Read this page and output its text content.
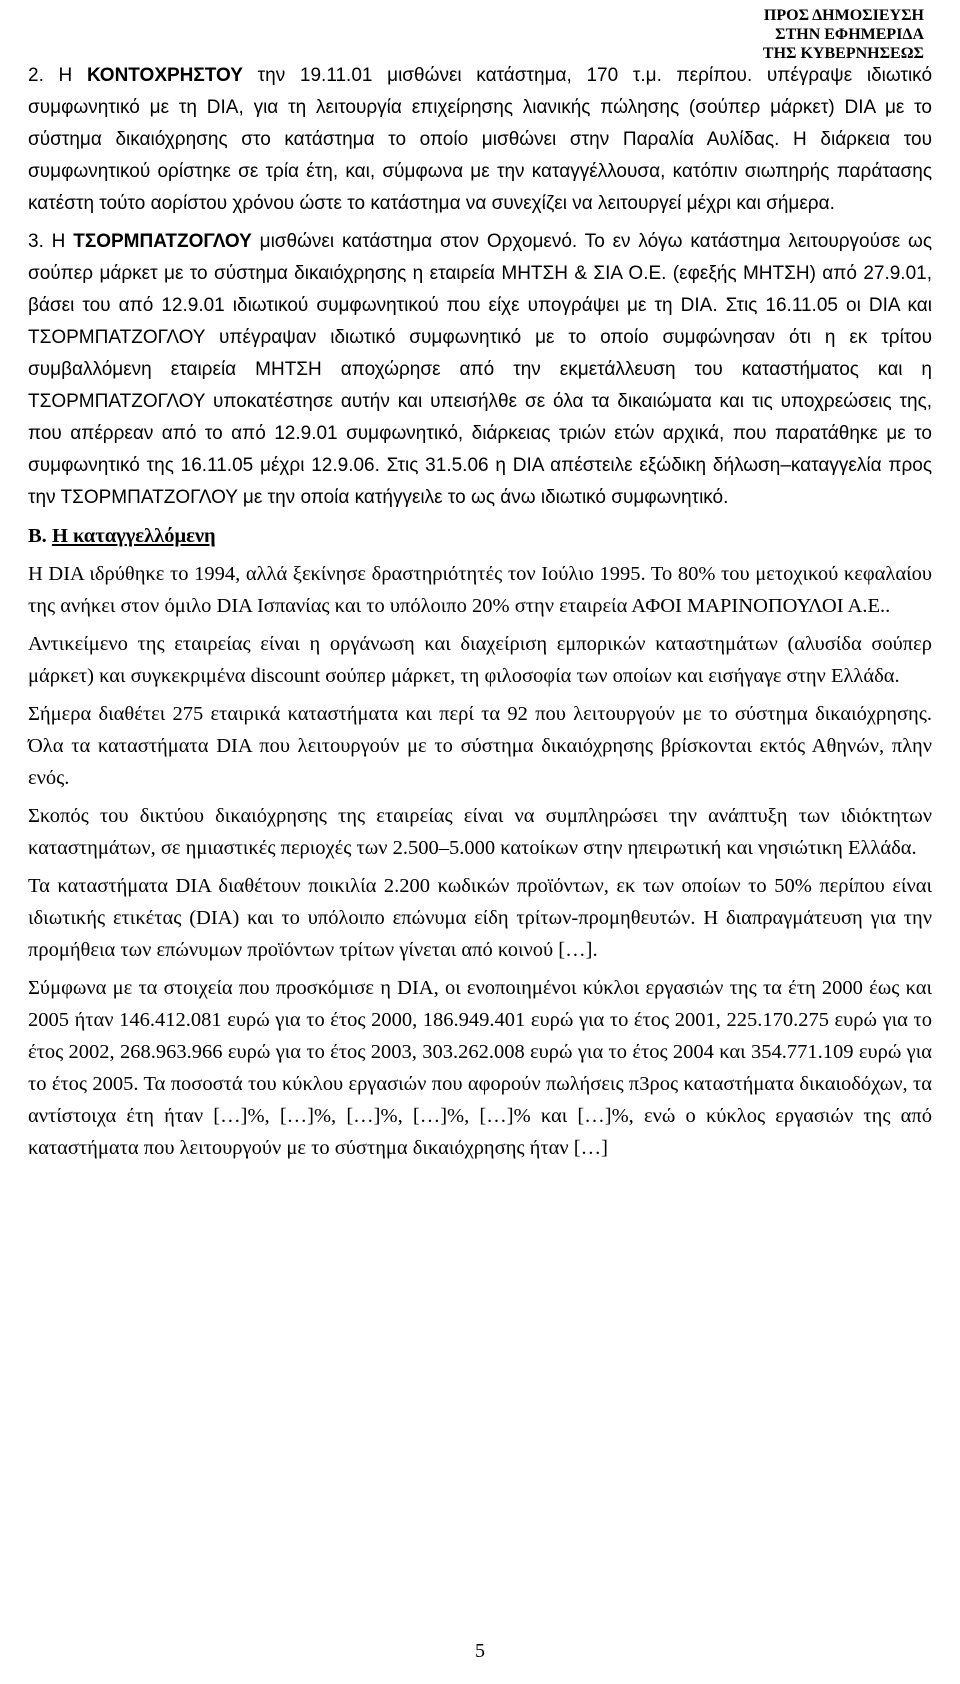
ΠΡΟΣ ΔΗΜΟΣΙΕΥΣΗ
ΣΤΗΝ ΕΦΗΜΕΡΙΔΑ
ΤΗΣ ΚΥΒΕΡΝΗΣΕΩΣ

2. Η ΚΟΝΤΟΧΡΗΣΤΟΥ την 19.11.01 μισθώνει κατάστημα, 170 τ.μ. περίπου. υπέγραψε ιδιωτικό συμφωνητικό με τη DIA, για τη λειτουργία επιχείρησης λιανικής πώλησης (σούπερ μάρκετ) DIA με το σύστημα δικαιόχρησης στο κατάστημα το οποίο μισθώνει στην Παραλία Αυλίδας. Η διάρκεια του συμφωνητικού ορίστηκε σε τρία έτη, και, σύμφωνα με την καταγγέλλουσα, κατόπιν σιωπηρής παράτασης κατέστη τούτο αορίστου χρόνου ώστε το κατάστημα να συνεχίζει να λειτουργεί μέχρι και σήμερα.

3. Η ΤΣΟΡΜΠΑΤΖΟΓΛΟΥ μισθώνει κατάστημα στον Ορχομενό. Το εν λόγω κατάστημα λειτουργούσε ως σούπερ μάρκετ με το σύστημα δικαιόχρησης η εταιρεία ΜΗΤΣΗ & ΣΙΑ Ο.Ε. (εφεξής ΜΗΤΣΗ) από 27.9.01, βάσει του από 12.9.01 ιδιωτικού συμφωνητικού που είχε υπογράψει με τη DIA. Στις 16.11.05 οι DIA και ΤΣΟΡΜΠΑΤΖΟΓΛΟΥ υπέγραψαν ιδιωτικό συμφωνητικό με το οποίο συμφώνησαν ότι η εκ τρίτου συμβαλλόμενη εταιρεία ΜΗΤΣΗ αποχώρησε από την εκμετάλλευση του καταστήματος και η ΤΣΟΡΜΠΑΤΖΟΓΛΟΥ υποκατέστησε αυτήν και υπεισήλθε σε όλα τα δικαιώματα και τις υποχρεώσεις της, που απέρρεαν από το από 12.9.01 συμφωνητικό, διάρκειας τριών ετών αρχικά, που παρατάθηκε με το συμφωνητικό της 16.11.05 μέχρι 12.9.06. Στις 31.5.06 η DIA απέστειλε εξώδικη δήλωση–καταγγελία προς την ΤΣΟΡΜΠΑΤΖΟΓΛΟΥ με την οποία κατήγγειλε το ως άνω ιδιωτικό συμφωνητικό.

Β. Η καταγγελλόμενη

Η DIA ιδρύθηκε το 1994, αλλά ξεκίνησε δραστηριότητές τον Ιούλιο 1995. Το 80% του μετοχικού κεφαλαίου της ανήκει στον όμιλο DIA Ισπανίας και το υπόλοιπο 20% στην εταιρεία ΑΦΟΙ ΜΑΡΙΝΟΠΟΥΛΟΙ Α.Ε..

Αντικείμενο της εταιρείας είναι η οργάνωση και διαχείριση εμπορικών καταστημάτων (αλυσίδα σούπερ μάρκετ) και συγκεκριμένα discount σούπερ μάρκετ, τη φιλοσοφία των οποίων και εισήγαγε στην Ελλάδα.

Σήμερα διαθέτει 275 εταιρικά καταστήματα και περί τα 92 που λειτουργούν με το σύστημα δικαιόχρησης. Όλα τα καταστήματα DIA που λειτουργούν με το σύστημα δικαιόχρησης βρίσκονται εκτός Αθηνών, πλην ενός.

Σκοπός του δικτύου δικαιόχρησης της εταιρείας είναι να συμπληρώσει την ανάπτυξη των ιδιόκτητων καταστημάτων, σε ημιαστικές περιοχές των 2.500–5.000 κατοίκων στην ηπειρωτική και νησιώτικη Ελλάδα.

Τα καταστήματα DIA διαθέτουν ποικιλία 2.200 κωδικών προϊόντων, εκ των οποίων το 50% περίπου είναι ιδιωτικής ετικέτας (DIA) και το υπόλοιπο επώνυμα είδη τρίτων-προμηθευτών. Η διαπραγμάτευση για την προμήθεια των επώνυμων προϊόντων τρίτων γίνεται από κοινού […].

Σύμφωνα με τα στοιχεία που προσκόμισε η DIA, οι ενοποιημένοι κύκλοι εργασιών της τα έτη 2000 έως και 2005 ήταν 146.412.081 ευρώ για το έτος 2000, 186.949.401 ευρώ για το έτος 2001, 225.170.275 ευρώ για το έτος 2002, 268.963.966 ευρώ για το έτος 2003, 303.262.008 ευρώ για το έτος 2004 και 354.771.109 ευρώ για το έτος 2005. Τα ποσοστά του κύκλου εργασιών που αφορούν πωλήσεις π3ρος καταστήματα δικαιοδόχων, τα αντίστοιχα έτη ήταν […]%, […]%, […]%, […]%, […]% και […]%, ενώ ο κύκλος εργασιών της από καταστήματα που λειτουργούν με το σύστημα δικαιόχρησης ήταν […]

5
